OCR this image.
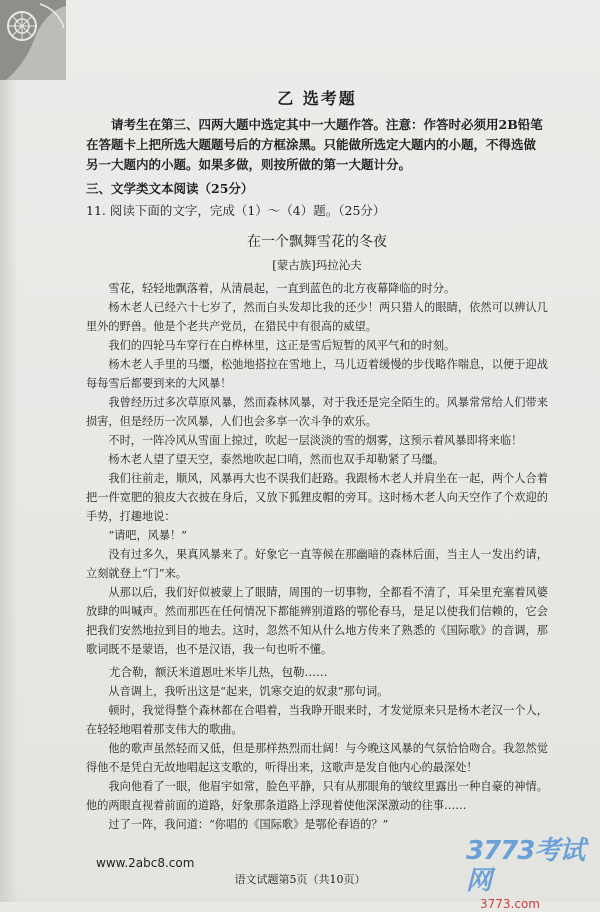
乙 选考题

请考生在第三、四两大题中选定其中一大题作答。注意：作答时必须用2B铅笔在答题卡上把所选大题题号后的方框涂黑。只能做所选定大题内的小题，不得选做另一大题内的小题。如果多做，则按所做的第一大题计分。

三、文学类文本阅读（25分）

11. 阅读下面的文字，完成（1）～（4）题。（25分）

在一个飘舞雪花的冬夜
[蒙古族]玛拉沁夫

雪花，轻轻地飘落着，从清晨起，一直到蓝色的北方夜幕降临的时分。

杨木老人已经六十七岁了，然而白头发却比我的还少！两只猎人的眼睛，依然可以辨认几里外的野兽。他是个老共产党员，在猎民中有很高的威望。

我们的四轮马车穿行在白桦林里，这正是雪后短暂的风平气和的时刻。

杨木老人手里的马缰，松弛地搭拉在雪地上，马儿迈着缓慢的步伐略作喘息，以便于迎战每每雪后都要到来的大风暴！

我曾经历过多次草原风暴，然而森林风暴，对于我还是完全陌生的。风暴常常给人们带来损害，但是经历一次风暴，人们也会多享一次斗争的欢乐。

不时，一阵冷风从雪面上掠过，吹起一层淡淡的雪的烟雾，这预示着风暴即将来临！

杨木老人望了望天空，泰然地吹起口哨，然而也双手却勒紧了马缰。

我们往前走，顺风，风暴再大也不误我们赶路。我跟杨木老人并肩坐在一起，两个人合着把一件宽肥的狼皮大衣披在身后，又放下狐狸皮帽的旁耳。这时杨木老人向天空作了个欢迎的手势，打趣地说：

“请吧，风暴！”

没有过多久，果真风暴来了。好象它一直等候在那幽暗的森林后面，当主人一发出约请，立刻就登上“门”来。

从那以后，我们好似被蒙上了眼睛，周围的一切事物，全都看不清了，耳朵里充塞着风婆放肆的叫喊声。然而那匹在任何情况下都能辨别道路的鄂伦春马，是足以使我们信赖的，它会把我们安然地拉到目的地去。这时，忽然不知从什么地方传来了熟悉的《国际歌》的音调，那歌词既不是蒙语，也不是汉语，我一句也听不懂。

尤合勒，额沃米道恩吐米毕儿热，包勒……

从音调上，我听出这是“起来，饥寒交迫的奴隶”那句词。

顿时，我觉得整个森林都在合唱着，当我睁开眼来时，才发觉原来只是杨木老汉一个人，在轻轻地唱着那支伟大的歌曲。

他的歌声虽然轻而又低，但是那样热烈而壮阔！与今晚这风暴的气氛恰恰吻合。我忽然觉得他不是凭白无故地唱起这支歌的，听得出来，这歌声是发自他内心的最深处！

我向他看了一眼，他眉宇如常，脸色平静，只有从那眼角的皱纹里露出一种自豪的神情。他的两眼直视着前面的道路，好象那条道路上浮现着使他深深激动的往事……

过了一阵，我问道：“你唱的《国际歌》是鄂伦春语的？”

www.2abc8.com	3773考试网
3773.com
语文试题第5页（共10页）
